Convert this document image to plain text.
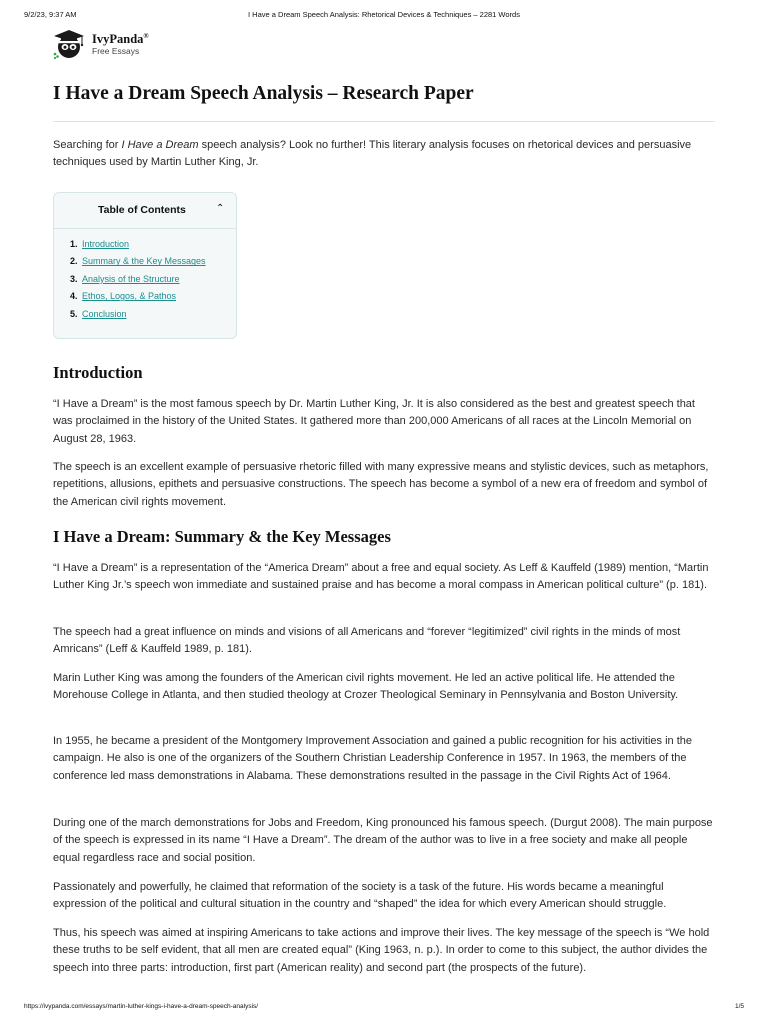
9/2/23, 9:37 AM	I Have a Dream Speech Analysis: Rhetorical Devices & Techniques – 2281 Words
IvyPanda®
Free Essays
I Have a Dream Speech Analysis – Research Paper

Searching for I Have a Dream speech analysis? Look no further! This literary analysis focuses on rhetorical devices and persuasive techniques used by Martin Luther King, Jr.

Table of Contents	⌃
1. Introduction
2. Summary & the Key Messages
3. Analysis of the Structure
4. Ethos, Logos, & Pathos
5. Conclusion
Introduction

“I Have a Dream” is the most famous speech by Dr. Martin Luther King, Jr. It is also considered as the best and greatest speech that was proclaimed in the history of the United States. It gathered more than 200,000 Americans of all races at the Lincoln Memorial on August 28, 1963.

The speech is an excellent example of persuasive rhetoric filled with many expressive means and stylistic devices, such as metaphors, repetitions, allusions, epithets and persuasive constructions. The speech has become a symbol of a new era of freedom and symbol of the American civil rights movement.

I Have a Dream: Summary & the Key Messages

“I Have a Dream” is a representation of the “America Dream” about a free and equal society. As Leff & Kauffeld (1989) mention, “Martin Luther King Jr.’s speech won immediate and sustained praise and has become a moral compass in American political culture” (p. 181).

The speech had a great influence on minds and visions of all Americans and “forever “legitimized” civil rights in the minds of most Amricans” (Leff & Kauffeld 1989, p. 181).

Marin Luther King was among the founders of the American civil rights movement. He led an active political life. He attended the Morehouse College in Atlanta, and then studied theology at Crozer Theological Seminary in Pennsylvania and Boston University.

In 1955, he became a president of the Montgomery Improvement Association and gained a public recognition for his activities in the campaign. He also is one of the organizers of the Southern Christian Leadership Conference in 1957. In 1963, the members of the conference led mass demonstrations in Alabama. These demonstrations resulted in the passage in the Civil Rights Act of 1964.

During one of the march demonstrations for Jobs and Freedom, King pronounced his famous speech. (Durgut 2008). The main purpose of the speech is expressed in its name “I Have a Dream”. The dream of the author was to live in a free society and make all people equal regardless race and social position.

Passionately and powerfully, he claimed that reformation of the society is a task of the future. His words became a meaningful expression of the political and cultural situation in the country and “shaped” the idea for which every American should struggle.

Thus, his speech was aimed at inspiring Americans to take actions and improve their lives. The key message of the speech is “We hold these truths to be self evident, that all men are created equal” (King 1963, n. p.). In order to come to this subject, the author divides the speech into three parts: introduction, first part (American reality) and second part (the prospects of the future).

https://ivypanda.com/essays/martin-luther-kings-i-have-a-dream-speech-analysis/	1/5
